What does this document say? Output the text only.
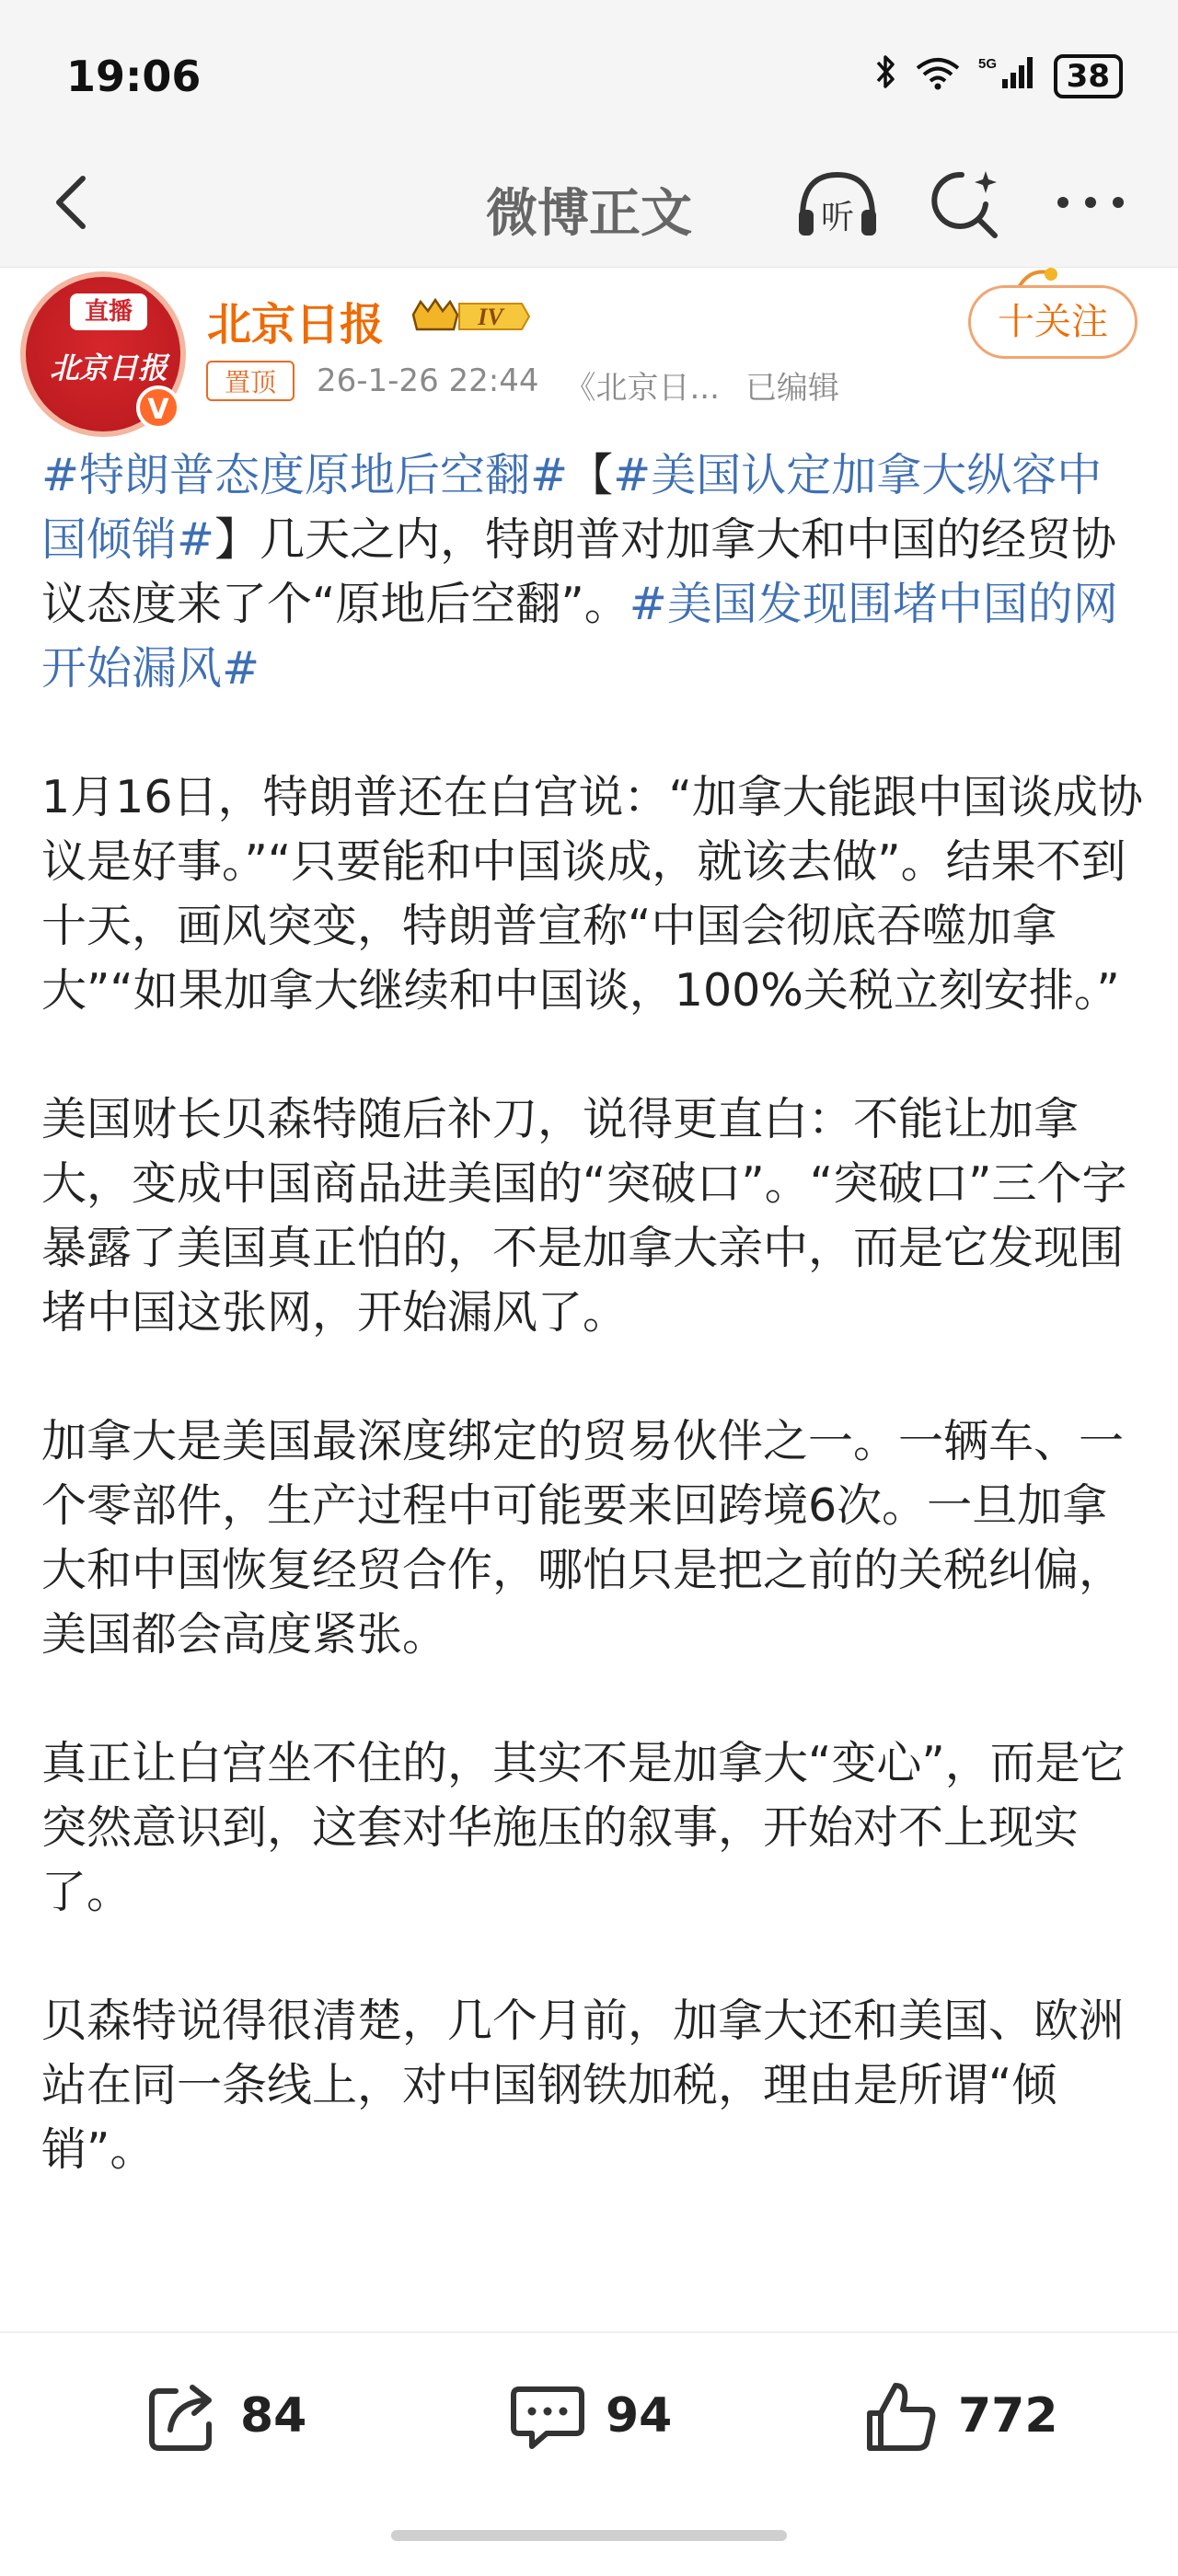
19:06	5G	38
微博正文	听
直播
北京日报
V
北京日报	IV
置顶	26-1-26 22:44 《北京日... 已编辑
十关注

#特朗普态度原地后空翻#【#美国认定加拿大纵容中国倾销#】几天之内，特朗普对加拿大和中国的经贸协议态度来了个“原地后空翻”。#美国发现围堵中国的网开始漏风#

1月16日，特朗普还在白宫说：“加拿大能跟中国谈成协议是好事。”“只要能和中国谈成，就该去做”。结果不到十天，画风突变，特朗普宣称“中国会彻底吞噬加拿大”“如果加拿大继续和中国谈，100%关税立刻安排。”

美国财长贝森特随后补刀，说得更直白：不能让加拿大，变成中国商品进美国的“突破口”。“突破口”三个字暴露了美国真正怕的，不是加拿大亲中，而是它发现围堵中国这张网，开始漏风了。

加拿大是美国最深度绑定的贸易伙伴之一。一辆车、一个零部件，生产过程中可能要来回跨境6次。一旦加拿大和中国恢复经贸合作，哪怕只是把之前的关税纠偏，美国都会高度紧张。

真正让白宫坐不住的，其实不是加拿大“变心”，而是它突然意识到，这套对华施压的叙事，开始对不上现实了。

贝森特说得很清楚，几个月前，加拿大还和美国、欧洲站在同一条线上，对中国钢铁加税，理由是所谓“倾销”。

84	94	772
